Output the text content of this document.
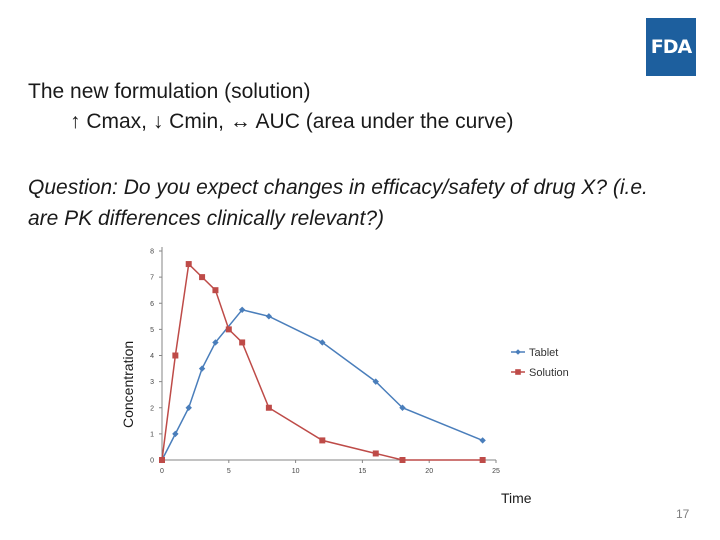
FDA
The new formulation (solution)
↑ Cmax, ↓ Cmin, ↔ AUC (area under the curve)
Question: Do you expect changes in efficacy/safety of drug X? (i.e. are PK differences clinically relevant?)
0
1
2
3
4
5
6
7
8
0	5	10	15	20	25
Tablet
Solution
Concentration
Time
17
